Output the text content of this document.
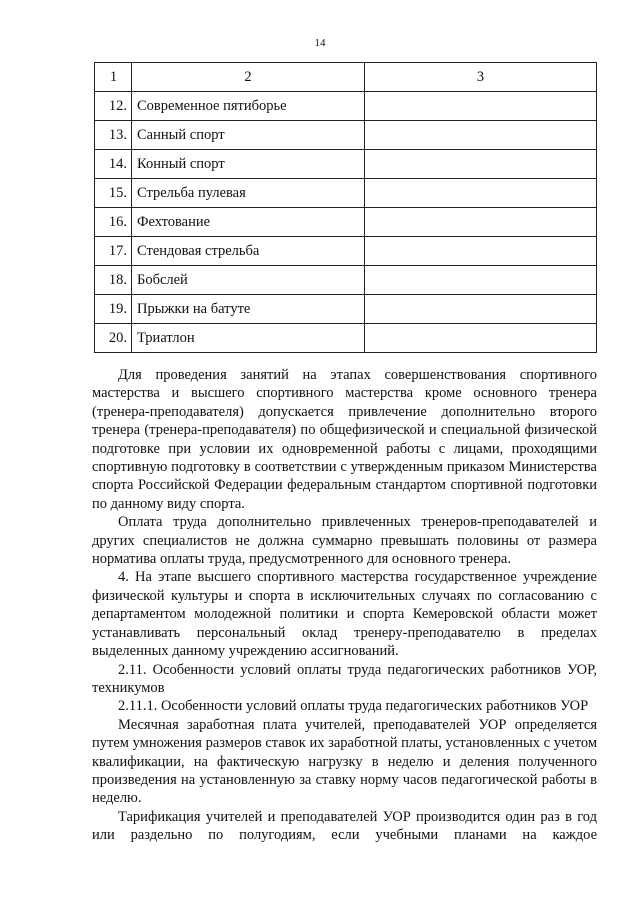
14
1	2	3
12.	Современное пятиборье	
13.	Санный спорт	
14.	Конный спорт	
15.	Стрельба пулевая	
16.	Фехтование	
17.	Стендовая стрельба	
18.	Бобслей	
19.	Прыжки на батуте	
20.	Триатлон	

Для проведения занятий на этапах совершенствования спортивного мастерства и высшего спортивного мастерства кроме основного тренера (тренера-преподавателя) допускается привлечение дополнительно второго тренера (тренера-преподавателя) по общефизической и специальной физической подготовке при условии их одновременной работы с лицами, проходящими спортивную подготовку в соответствии с утвержденным приказом Министерства спорта Российской Федерации федеральным стандартом спортивной подготовки по данному виду спорта.

Оплата труда дополнительно привлеченных тренеров-преподавателей и других специалистов не должна суммарно превышать половины от размера норматива оплаты труда, предусмотренного для основного тренера.

4. На этапе высшего спортивного мастерства государственное учреждение физической культуры и спорта в исключительных случаях по согласованию с департаментом молодежной политики и спорта Кемеровской области может устанавливать персональный оклад тренеру-преподавателю в пределах выделенных данному учреждению ассигнований.

2.11. Особенности условий оплаты труда педагогических работников УОР, техникумов

2.11.1. Особенности условий оплаты труда педагогических работников УОР

Месячная заработная плата учителей, преподавателей УОР определяется путем умножения размеров ставок их заработной платы, установленных с учетом квалификации, на фактическую нагрузку в неделю и деления полученного произведения на установленную за ставку норму часов педагогической работы в неделю.

Тарификация учителей и преподавателей УОР производится один раз в год или раздельно по полугодиям, если учебными планами на каждое
